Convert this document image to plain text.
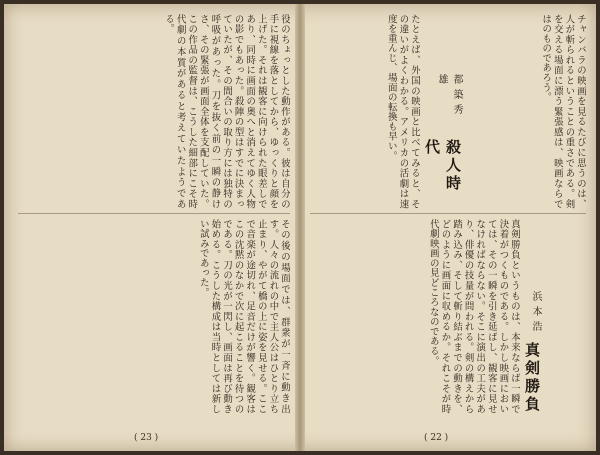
役のちょっとした動作がある。彼は自分の手に視線を落としてから、ゆっくりと顔を上げた。それは観客に向けられた眼差しであり、同時に画面の奥へと消えてゆく人物の影でもあった。殺陣の型はすでに決まっていたが、その間合いの取り方には独特の呼吸があった。刀を抜く前の一瞬の静けさ、その緊張が画面全体を支配していた。この作品の監督は、こうした細部にこそ時代劇の本質があると考えていたようである。
その後の場面では、群衆が一斉に動き出す。人々の流れの中で主人公はひとり立ち止まり、やがて橋の上に姿を見せる。ここで音楽が途切れ、足音だけが響く。観客はこの沈黙のなかで次に起こることを待つのである。刀の光が一閃し、画面は再び動き始める。こうした構成は当時としては新しい試みであった。
たとえば、外国の映画と比べてみると、その違いがよくわかる。アメリカの活劇は速度を重んじ、場面の転換も早い。
殺人時代
都築秀雄	チャンバラの映画を見るたびに思うのは、人が斬られるということの重さである。剣を交える場面に漂う緊張感は、映画ならではのものであろう。
真剣勝負というものは、本来ならば一瞬で決着がつくものである。しかし映画においては、その一瞬を引き延ばし、観客に見せなければならない。そこに演出の工夫があり、俳優の技量が問われる。剣の構えから踏み込み、そして斬り結ぶまでの動きを、どのように画面に収めるか。それこそが時代劇映画の見どころなのである。
真剣勝負
浜本浩
( 23 )	( 22 )
